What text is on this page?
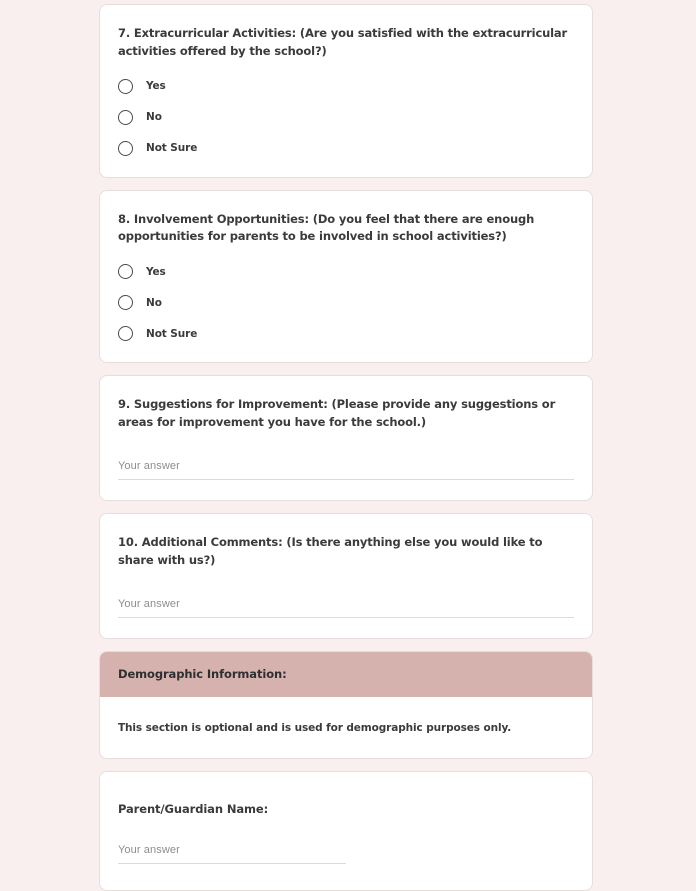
7. Extracurricular Activities: (Are you satisfied with the extracurricular activities offered by the school?)

Yes
No
Not Sure

8. Involvement Opportunities: (Do you feel that there are enough opportunities for parents to be involved in school activities?)

Yes
No
Not Sure

9. Suggestions for Improvement: (Please provide any suggestions or areas for improvement you have for the school.)

Your answer

10. Additional Comments: (Is there anything else you would like to share with us?)

Your answer
Demographic Information:
This section is optional and is used for demographic purposes only.

Parent/Guardian Name:

Your answer
